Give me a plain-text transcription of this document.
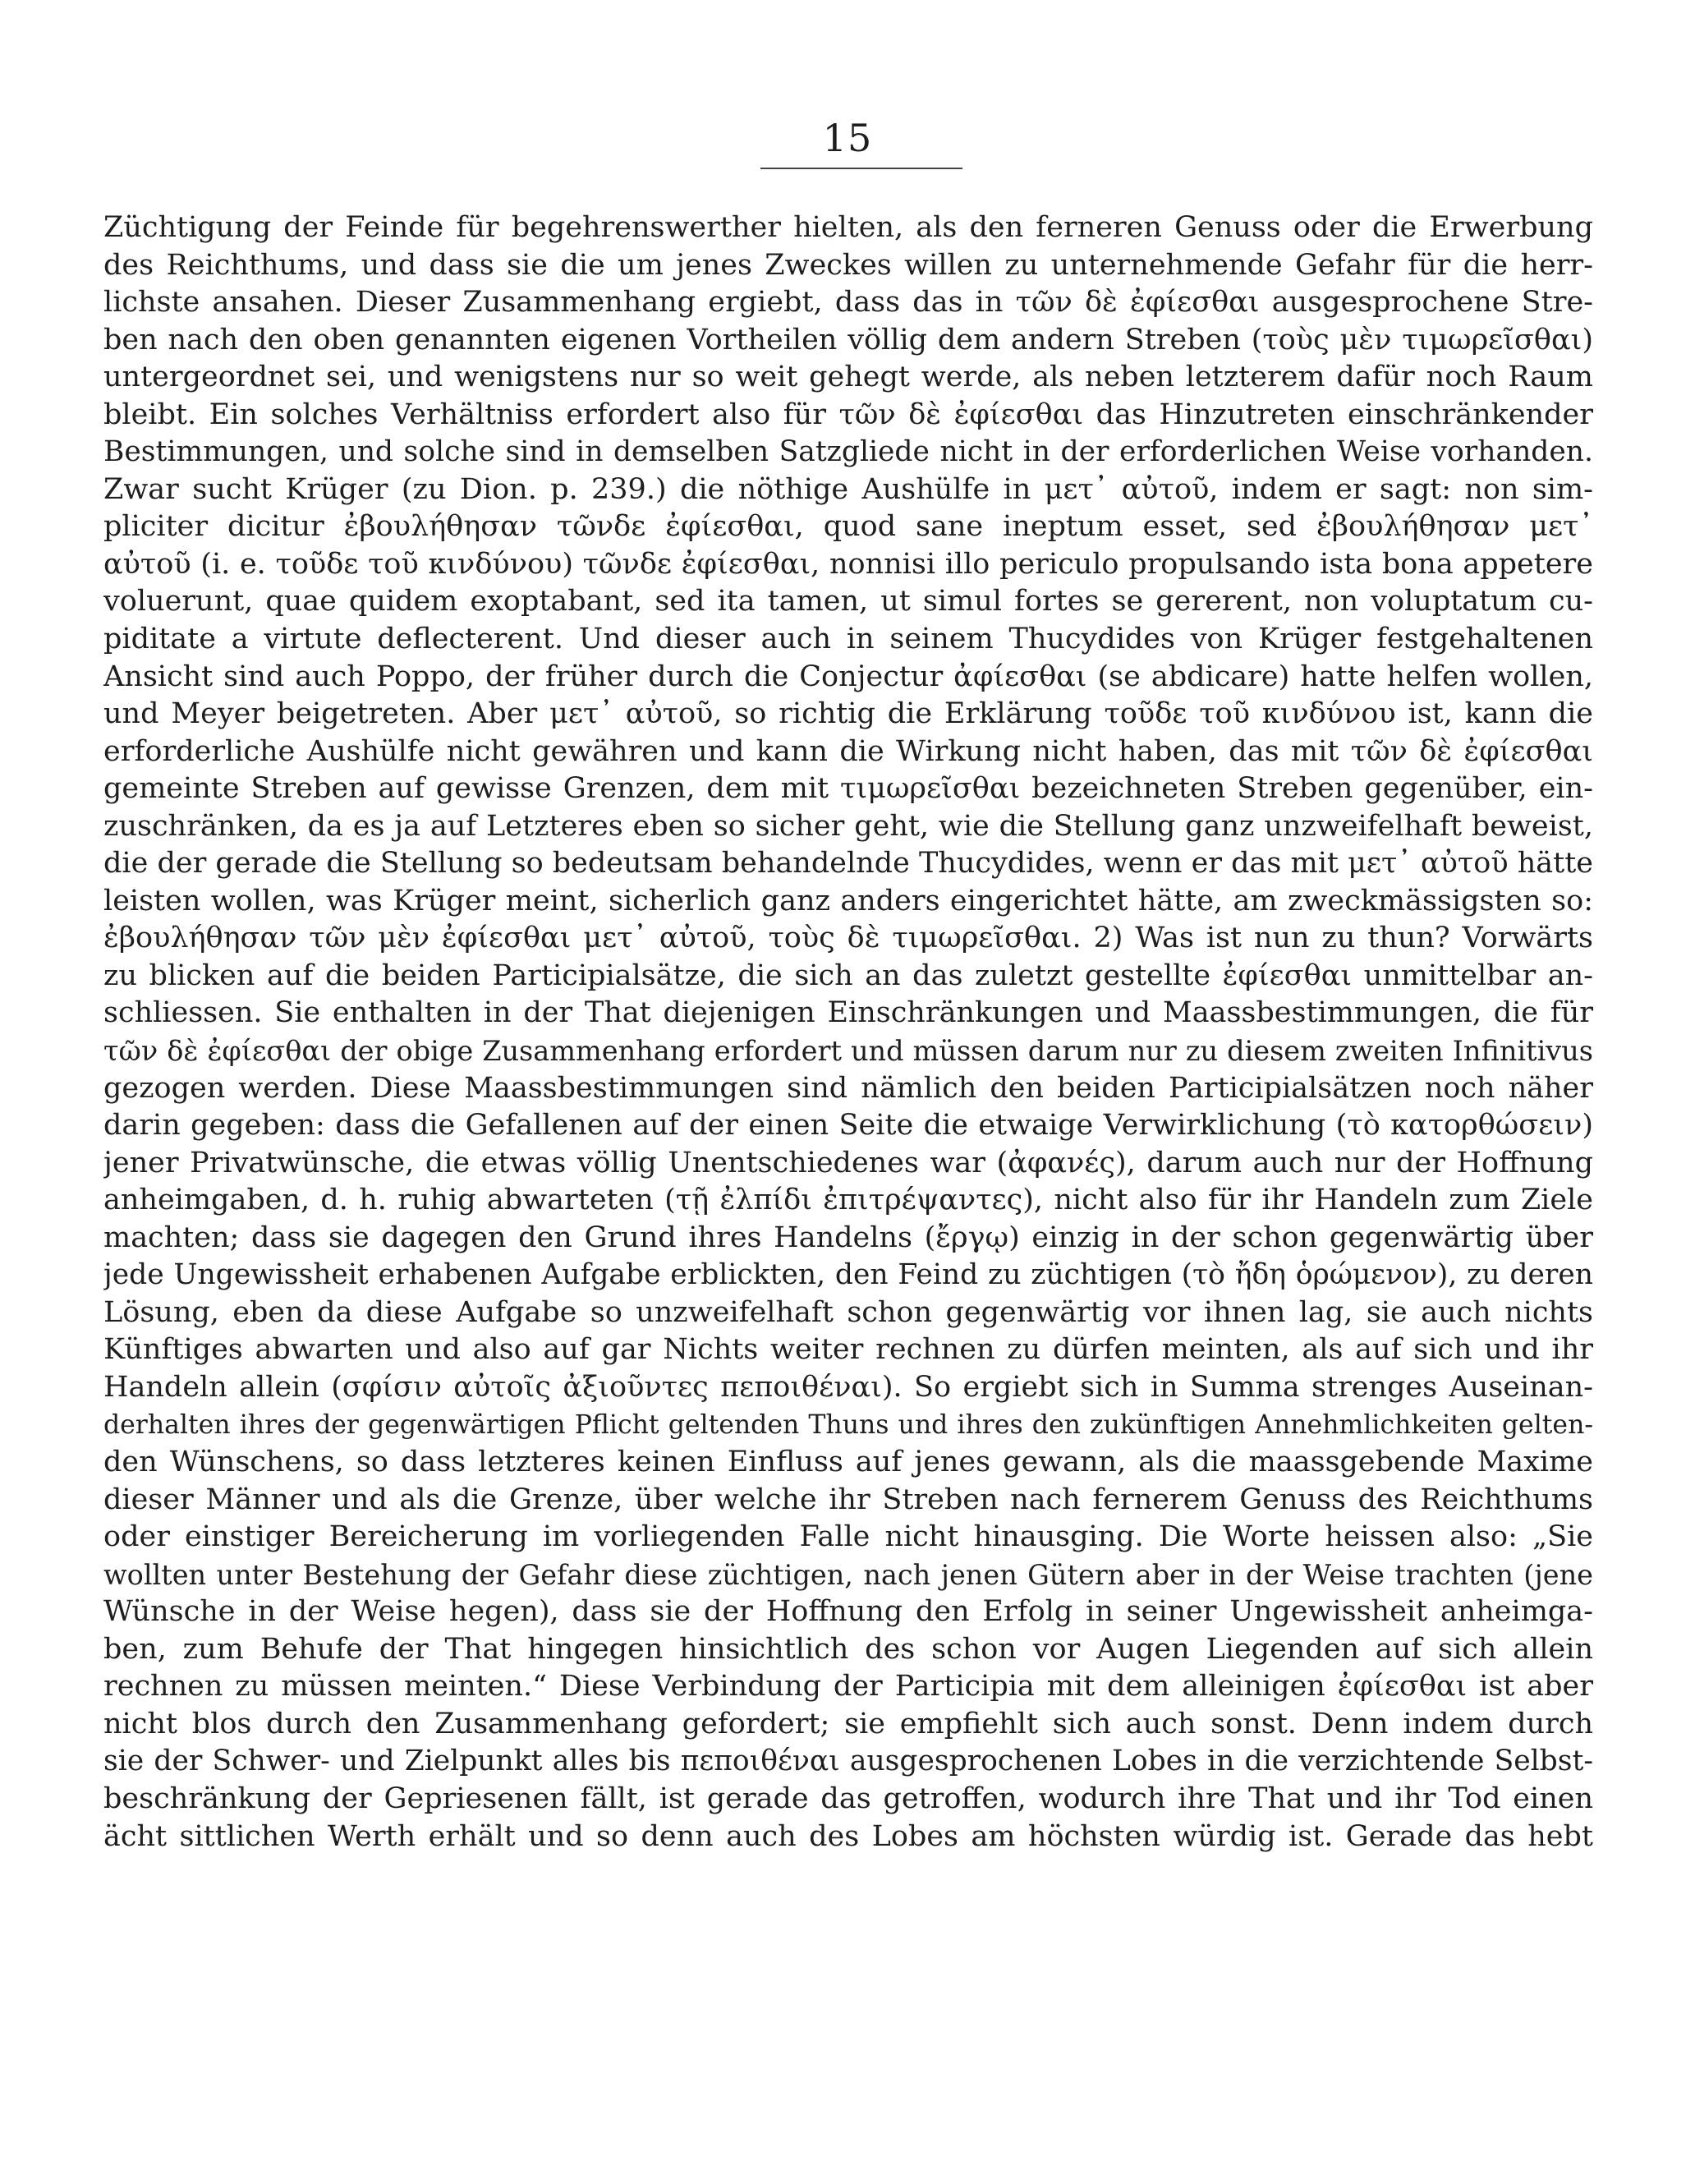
15
Züchtigung der Feinde für begehrenswerther hielten, als den ferneren Genuss oder die Erwerbung
des Reichthums, und dass sie die um jenes Zweckes willen zu unternehmende Gefahr für die herr-
lichste ansahen. Dieser Zusammenhang ergiebt, dass das in τῶν δὲ ἐφίεσθαι ausgesprochene Stre-
ben nach den oben genannten eigenen Vortheilen völlig dem andern Streben (τοὺς μὲν τιμωρεῖσθαι)
untergeordnet sei, und wenigstens nur so weit gehegt werde, als neben letzterem dafür noch Raum
bleibt. Ein solches Verhältniss erfordert also für τῶν δὲ ἐφίεσθαι das Hinzutreten einschränkender
Bestimmungen, und solche sind in demselben Satzgliede nicht in der erforderlichen Weise vorhanden.
Zwar sucht Krüger (zu Dion. p. 239.) die nöthige Aushülfe in μετ᾽ αὐτοῦ, indem er sagt: non sim-
pliciter dicitur ἐβουλήθησαν τῶνδε ἐφίεσθαι, quod sane ineptum esset, sed ἐβουλήθησαν μετ᾽
αὐτοῦ (i. e. τοῦδε τοῦ κινδύνου) τῶνδε ἐφίεσθαι, nonnisi illo periculo propulsando ista bona appetere
voluerunt, quae quidem exoptabant, sed ita tamen, ut simul fortes se gererent, non voluptatum cu-
piditate a virtute deflecterent. Und dieser auch in seinem Thucydides von Krüger festgehaltenen
Ansicht sind auch Poppo, der früher durch die Conjectur ἀφίεσθαι (se abdicare) hatte helfen wollen,
und Meyer beigetreten. Aber μετ᾽ αὐτοῦ, so richtig die Erklärung τοῦδε τοῦ κινδύνου ist, kann die
erforderliche Aushülfe nicht gewähren und kann die Wirkung nicht haben, das mit τῶν δὲ ἐφίεσθαι
gemeinte Streben auf gewisse Grenzen, dem mit τιμωρεῖσθαι bezeichneten Streben gegenüber, ein-
zuschränken, da es ja auf Letzteres eben so sicher geht, wie die Stellung ganz unzweifelhaft beweist,
die der gerade die Stellung so bedeutsam behandelnde Thucydides, wenn er das mit μετ᾽ αὐτοῦ hätte
leisten wollen, was Krüger meint, sicherlich ganz anders eingerichtet hätte, am zweckmässigsten so:
ἐβουλήθησαν τῶν μὲν ἐφίεσθαι μετ᾽ αὐτοῦ, τοὺς δὲ τιμωρεῖσθαι. 2) Was ist nun zu thun? Vorwärts
zu blicken auf die beiden Participialsätze, die sich an das zuletzt gestellte ἐφίεσθαι unmittelbar an-
schliessen. Sie enthalten in der That diejenigen Einschränkungen und Maassbestimmungen, die für
τῶν δὲ ἐφίεσθαι der obige Zusammenhang erfordert und müssen darum nur zu diesem zweiten Infinitivus
gezogen werden. Diese Maassbestimmungen sind nämlich den beiden Participialsätzen noch näher
darin gegeben: dass die Gefallenen auf der einen Seite die etwaige Verwirklichung (τὸ κατορθώσειν)
jener Privatwünsche, die etwas völlig Unentschiedenes war (ἀφανές), darum auch nur der Hoffnung
anheimgaben, d. h. ruhig abwarteten (τῇ ἐλπίδι ἐπιτρέψαντες), nicht also für ihr Handeln zum Ziele
machten; dass sie dagegen den Grund ihres Handelns (ἔργῳ) einzig in der schon gegenwärtig über
jede Ungewissheit erhabenen Aufgabe erblickten, den Feind zu züchtigen (τὸ ἤδη ὁρώμενον), zu deren
Lösung, eben da diese Aufgabe so unzweifelhaft schon gegenwärtig vor ihnen lag, sie auch nichts
Künftiges abwarten und also auf gar Nichts weiter rechnen zu dürfen meinten, als auf sich und ihr
Handeln allein (σφίσιν αὐτοῖς ἀξιοῦντες πεποιθέναι). So ergiebt sich in Summa strenges Auseinan-
derhalten ihres der gegenwärtigen Pflicht geltenden Thuns und ihres den zukünftigen Annehmlichkeiten gelten-
den Wünschens, so dass letzteres keinen Einfluss auf jenes gewann, als die maassgebende Maxime
dieser Männer und als die Grenze, über welche ihr Streben nach fernerem Genuss des Reichthums
oder einstiger Bereicherung im vorliegenden Falle nicht hinausging. Die Worte heissen also: „Sie
wollten unter Bestehung der Gefahr diese züchtigen, nach jenen Gütern aber in der Weise trachten (jene
Wünsche in der Weise hegen), dass sie der Hoffnung den Erfolg in seiner Ungewissheit anheimga-
ben, zum Behufe der That hingegen hinsichtlich des schon vor Augen Liegenden auf sich allein
rechnen zu müssen meinten.“ Diese Verbindung der Participia mit dem alleinigen ἐφίεσθαι ist aber
nicht blos durch den Zusammenhang gefordert; sie empfiehlt sich auch sonst. Denn indem durch
sie der Schwer- und Zielpunkt alles bis πεποιθέναι ausgesprochenen Lobes in die verzichtende Selbst-
beschränkung der Gepriesenen fällt, ist gerade das getroffen, wodurch ihre That und ihr Tod einen
ächt sittlichen Werth erhält und so denn auch des Lobes am höchsten würdig ist. Gerade das hebt
